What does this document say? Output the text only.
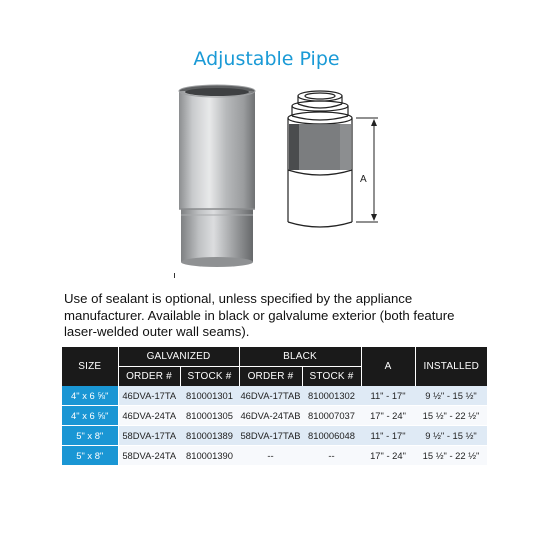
Adjustable Pipe
A
Use of sealant is optional, unless specified by the appliance manufacturer. Available in black or galvalume exterior (both feature laser-welded outer wall seams).
SIZE	GALVANIZED		BLACK		A	INSTALLED
	ORDER #	STOCK #	ORDER #	STOCK #		
4" x 6 ⅝"	46DVA-17TA	810001301	46DVA-17TAB	810001302	11" - 17"	9 ½" - 15 ½"
4" x 6 ⅝"	46DVA-24TA	810001305	46DVA-24TAB	810007037	17" - 24"	15 ½" - 22 ½"
5" x 8"	58DVA-17TA	810001389	58DVA-17TAB	810006048	11" - 17"	9 ½" - 15 ½"
5" x 8"	58DVA-24TA	810001390	--	--	17" - 24"	15 ½" - 22 ½"
